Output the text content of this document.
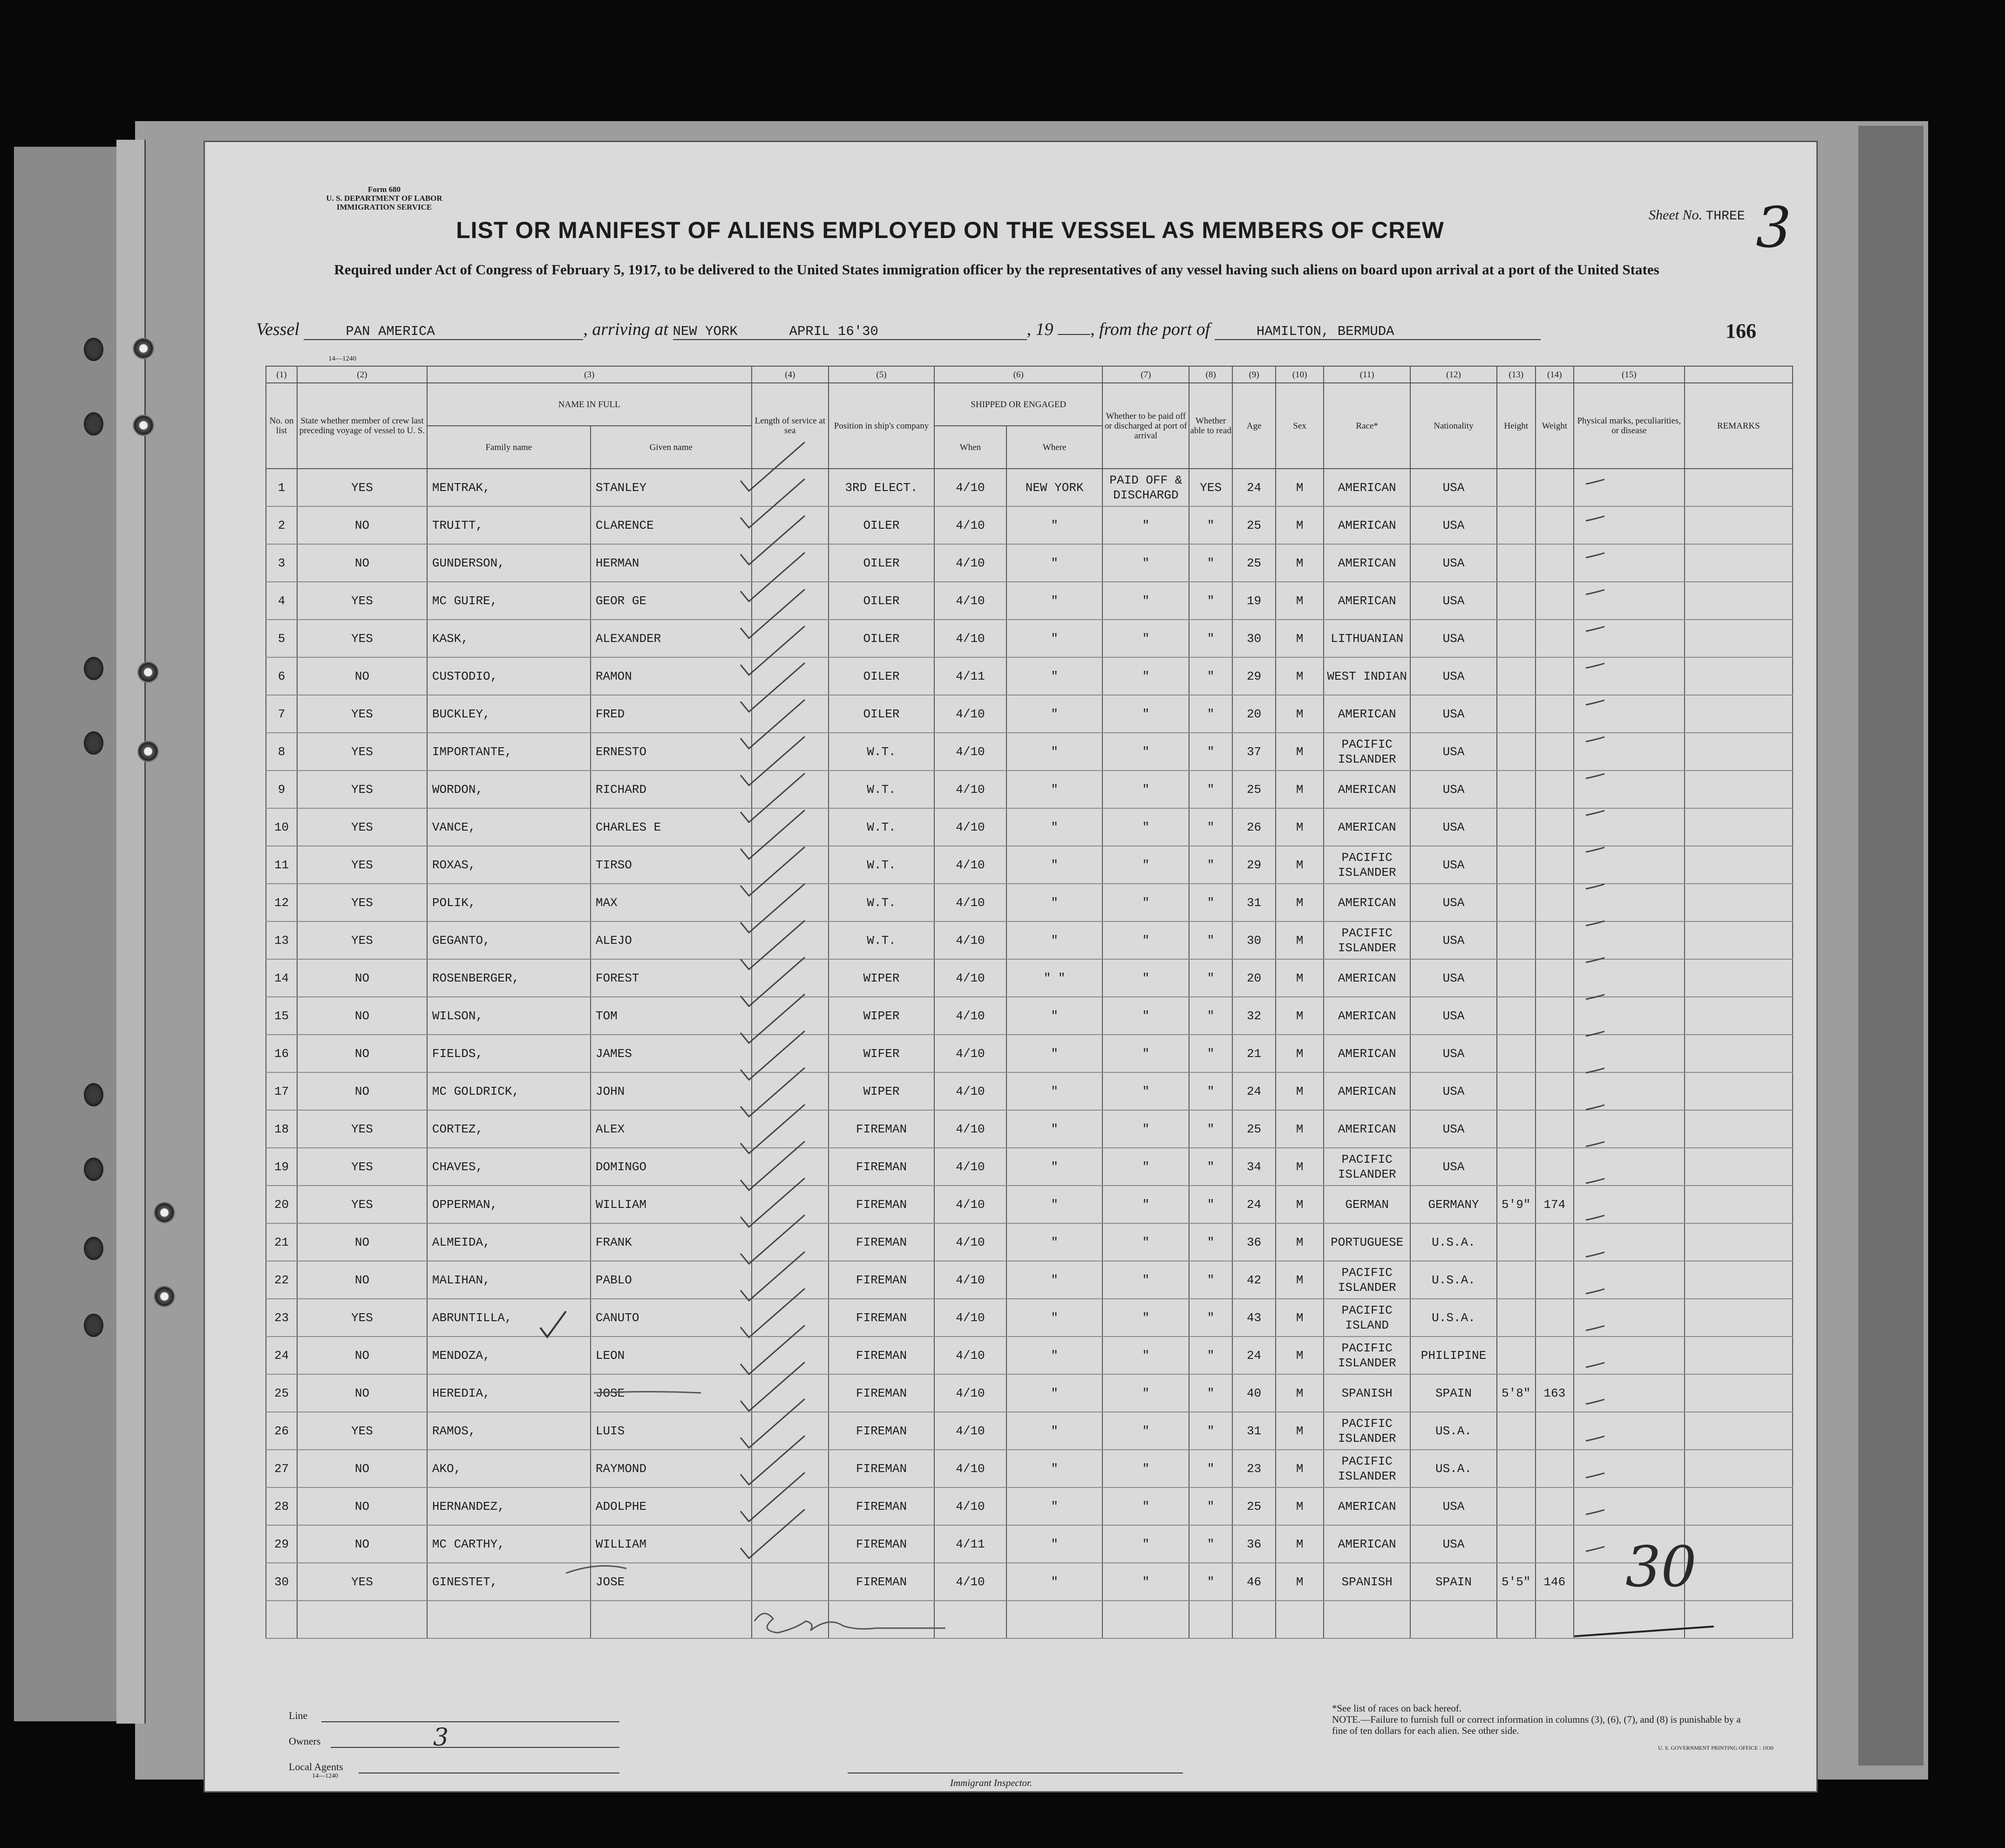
Form 680
U. S. DEPARTMENT OF LABOR
IMMIGRATION SERVICE
LIST OR MANIFEST OF ALIENS EMPLOYED ON THE VESSEL AS MEMBERS OF CREW
Required under Act of Congress of February 5, 1917, to be delivered to the United States immigration officer by the representatives of any vessel having such aliens on board upon arrival at a port of the United States
Sheet No. THREE 3
Vessel	PAN AMERICA	, arriving at NEW YORK	APRIL 16'30	, 19 , from the port of	HAMILTON, BERMUDA	166
14—1240
(1)	(2)	(3)		(4)	(5)	(6)		(7)	(8)	(9)	(10)	(11)	(12)	(13)	(14)	(15)	
No. on list	State whether member of crew last preceding voyage of vessel to U. S.	NAME IN FULL		Length of service at sea	Position in ship's company	SHIPPED OR ENGAGED		Whether to be paid off or discharged at port of arrival	Whether able to read	Age	Sex	Race*	Nationality	Height	Weight	Physical marks, peculiarities, or disease	REMARKS
		Family name	Given name			When	Where										
1	YES	MENTRAK,	STANLEY		3RD ELECT.	4/10	NEW YORK	PAID OFF &
DISCHARGD	YES	24	M	AMERICAN	USA				
2	NO	TRUITT,	CLARENCE		OILER	4/10	"	"	"	25	M	AMERICAN	USA				
3	NO	GUNDERSON,	HERMAN		OILER	4/10	"	"	"	25	M	AMERICAN	USA				
4	YES	MC GUIRE,	GEOR GE		OILER	4/10	"	"	"	19	M	AMERICAN	USA				
5	YES	KASK,	ALEXANDER		OILER	4/10	"	"	"	30	M	LITHUANIAN	USA				
6	NO	CUSTODIO,	RAMON		OILER	4/11	"	"	"	29	M	WEST INDIAN	USA				
7	YES	BUCKLEY,	FRED		OILER	4/10	"	"	"	20	M	AMERICAN	USA				
8	YES	IMPORTANTE,	ERNESTO		W.T.	4/10	"	"	"	37	M	PACIFIC ISLANDER	USA				
9	YES	WORDON,	RICHARD		W.T.	4/10	"	"	"	25	M	AMERICAN	USA				
10	YES	VANCE,	CHARLES E		W.T.	4/10	"	"	"	26	M	AMERICAN	USA				
11	YES	ROXAS,	TIRSO		W.T.	4/10	"	"	"	29	M	PACIFIC ISLANDER	USA				
12	YES	POLIK,	MAX		W.T.	4/10	"	"	"	31	M	AMERICAN	USA				
13	YES	GEGANTO,	ALEJO		W.T.	4/10	"	"	"	30	M	PACIFIC ISLANDER	USA				
14	NO	ROSENBERGER,	FOREST		WIPER	4/10	" "	"	"	20	M	AMERICAN	USA				
15	NO	WILSON,	TOM		WIPER	4/10	"	"	"	32	M	AMERICAN	USA				
16	NO	FIELDS,	JAMES		WIFER	4/10	"	"	"	21	M	AMERICAN	USA				
17	NO	MC GOLDRICK,	JOHN		WIPER	4/10	"	"	"	24	M	AMERICAN	USA				
18	YES	CORTEZ,	ALEX		FIREMAN	4/10	"	"	"	25	M	AMERICAN	USA				
19	YES	CHAVES,	DOMINGO		FIREMAN	4/10	"	"	"	34	M	PACIFIC ISLANDER	USA				
20	YES	OPPERMAN,	WILLIAM		FIREMAN	4/10	"	"	"	24	M	GERMAN	GERMANY	5'9"	174		
21	NO	ALMEIDA,	FRANK		FIREMAN	4/10	"	"	"	36	M	PORTUGUESE	U.S.A.				
22	NO	MALIHAN,	PABLO		FIREMAN	4/10	"	"	"	42	M	PACIFIC ISLANDER	U.S.A.				
23	YES	ABRUNTILLA,	CANUTO		FIREMAN	4/10	"	"	"	43	M	PACIFIC ISLAND	U.S.A.				
24	NO	MENDOZA,	LEON		FIREMAN	4/10	"	"	"	24	M	PACIFIC ISLANDER	PHILIPINE				
25	NO	HEREDIA,	JOSE		FIREMAN	4/10	"	"	"	40	M	SPANISH	SPAIN	5'8"	163		
26	YES	RAMOS,	LUIS		FIREMAN	4/10	"	"	"	31	M	PACIFIC ISLANDER	US.A.				
27	NO	AKO,	RAYMOND		FIREMAN	4/10	"	"	"	23	M	PACIFIC ISLANDER	US.A.				
28	NO	HERNANDEZ,	ADOLPHE		FIREMAN	4/10	"	"	"	25	M	AMERICAN	USA				
29	NO	MC CARTHY,	WILLIAM		FIREMAN	4/11	"	"	"	36	M	AMERICAN	USA				
30	YES	GINESTET,	JOSE		FIREMAN	4/10	"	"	"	46	M	SPANISH	SPAIN	5'5"	146		
																	30
Line
Owners	3
Local Agents
14—1240
Immigrant Inspector.
*See list of races on back hereof.
NOTE.—Failure to furnish full or correct information in columns (3), (6), (7), and (8) is punishable by a fine of ten dollars for each alien. See other side.
U. S. GOVERNMENT PRINTING OFFICE : 1930
